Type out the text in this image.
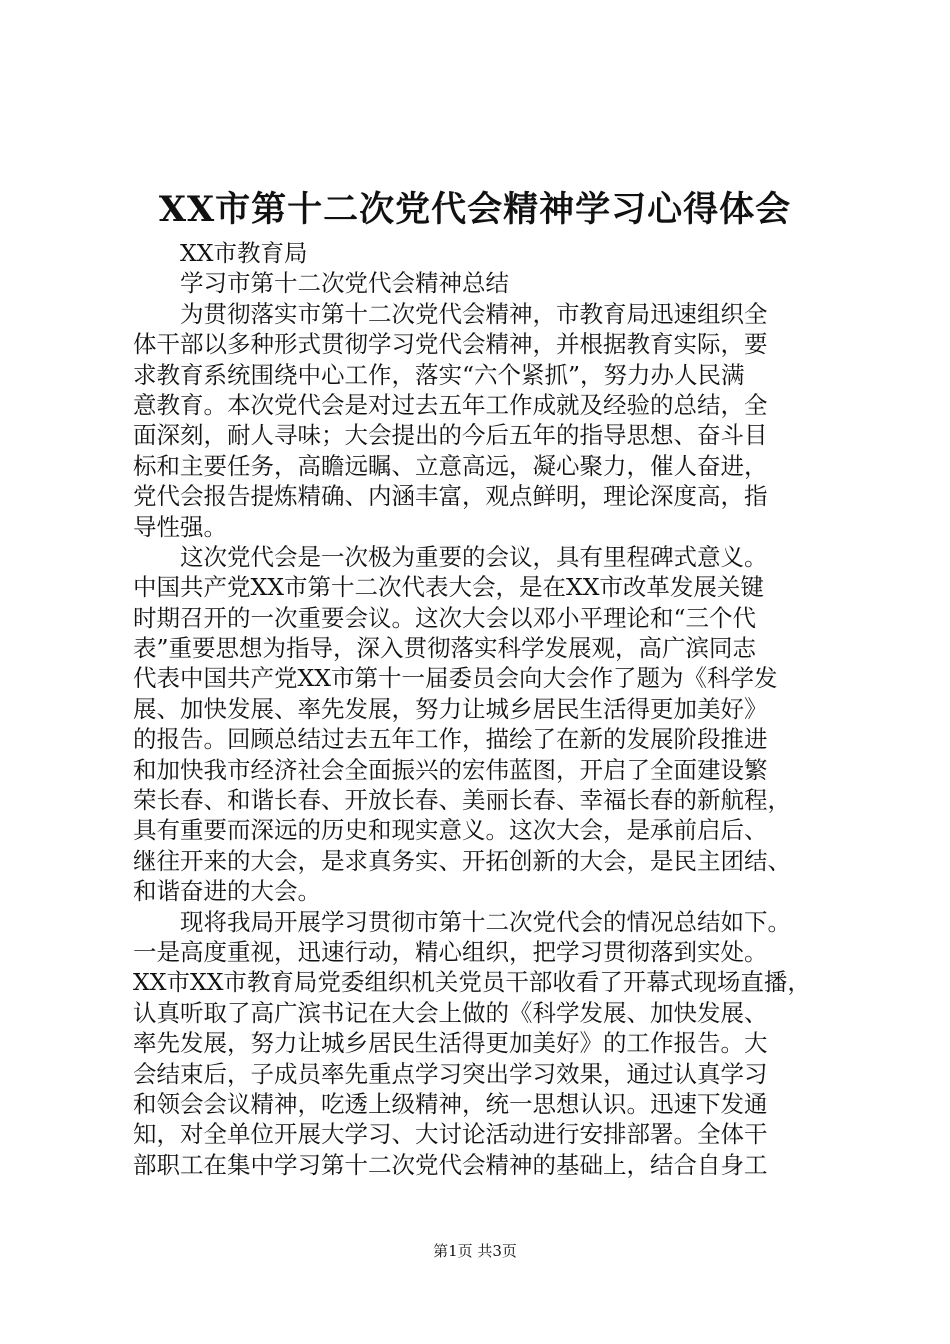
XX市第十二次党代会精神学习心得体会
XX市教育局
学习市第十二次党代会精神总结
为贯彻落实市第十二次党代会精神，市教育局迅速组织全
体干部以多种形式贯彻学习党代会精神，并根据教育实际，要
求教育系统围绕中心工作，落实“六个紧抓”，努力办人民满
意教育。本次党代会是对过去五年工作成就及经验的总结，全
面深刻，耐人寻味；大会提出的今后五年的指导思想、奋斗目
标和主要任务，高瞻远瞩、立意高远，凝心聚力，催人奋进，
党代会报告提炼精确、内涵丰富，观点鲜明，理论深度高，指
导性强。
这次党代会是一次极为重要的会议，具有里程碑式意义。
中国共产党XX市第十二次代表大会，是在XX市改革发展关键
时期召开的一次重要会议。这次大会以邓小平理论和“三个代
表”重要思想为指导，深入贯彻落实科学发展观，高广滨同志
代表中国共产党XX市第十一届委员会向大会作了题为《科学发
展、加快发展、率先发展，努力让城乡居民生活得更加美好》
的报告。回顾总结过去五年工作，描绘了在新的发展阶段推进
和加快我市经济社会全面振兴的宏伟蓝图，开启了全面建设繁
荣长春、和谐长春、开放长春、美丽长春、幸福长春的新航程，
具有重要而深远的历史和现实意义。这次大会，是承前启后、
继往开来的大会，是求真务实、开拓创新的大会，是民主团结、
和谐奋进的大会。
现将我局开展学习贯彻市第十二次党代会的情况总结如下。
一是高度重视，迅速行动，精心组织，把学习贯彻落到实处。
XX市XX市教育局党委组织机关党员干部收看了开幕式现场直播，
认真听取了高广滨书记在大会上做的《科学发展、加快发展、
率先发展，努力让城乡居民生活得更加美好》的工作报告。大
会结束后，子成员率先重点学习突出学习效果，通过认真学习
和领会会议精神，吃透上级精神，统一思想认识。迅速下发通
知，对全单位开展大学习、大讨论活动进行安排部署。全体干
部职工在集中学习第十二次党代会精神的基础上，结合自身工
第1页 共3页
